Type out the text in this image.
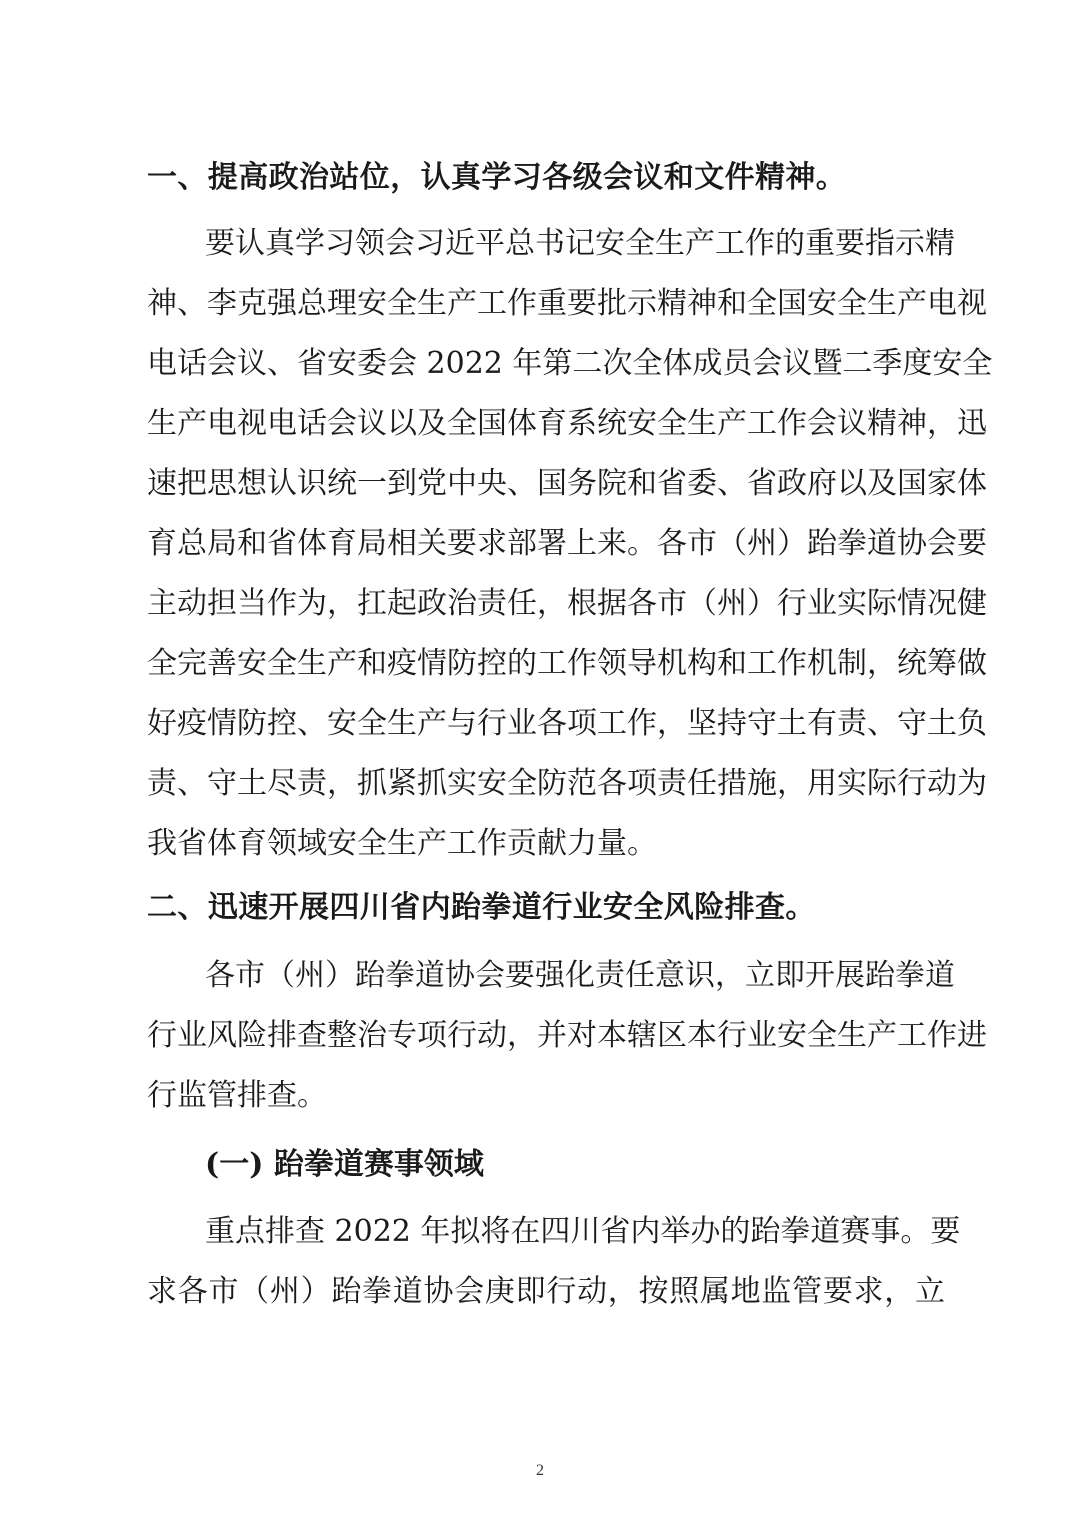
一、提高政治站位，认真学习各级会议和文件精神。
要认真学习领会习近平总书记安全生产工作的重要指示精
神、李克强总理安全生产工作重要批示精神和全国安全生产电视
电话会议、省安委会 2022 年第二次全体成员会议暨二季度安全
生产电视电话会议以及全国体育系统安全生产工作会议精神，迅
速把思想认识统一到党中央、国务院和省委、省政府以及国家体
育总局和省体育局相关要求部署上来。各市（州）跆拳道协会要
主动担当作为，扛起政治责任，根据各市（州）行业实际情况健
全完善安全生产和疫情防控的工作领导机构和工作机制，统筹做
好疫情防控、安全生产与行业各项工作，坚持守土有责、守土负
责、守土尽责，抓紧抓实安全防范各项责任措施，用实际行动为
我省体育领域安全生产工作贡献力量。
二、迅速开展四川省内跆拳道行业安全风险排查。
各市（州）跆拳道协会要强化责任意识，立即开展跆拳道
行业风险排查整治专项行动，并对本辖区本行业安全生产工作进
行监管排查。
(一) 跆拳道赛事领域
重点排查 2022 年拟将在四川省内举办的跆拳道赛事。要
求各市（州）跆拳道协会庚即行动，按照属地监管要求，立
2
